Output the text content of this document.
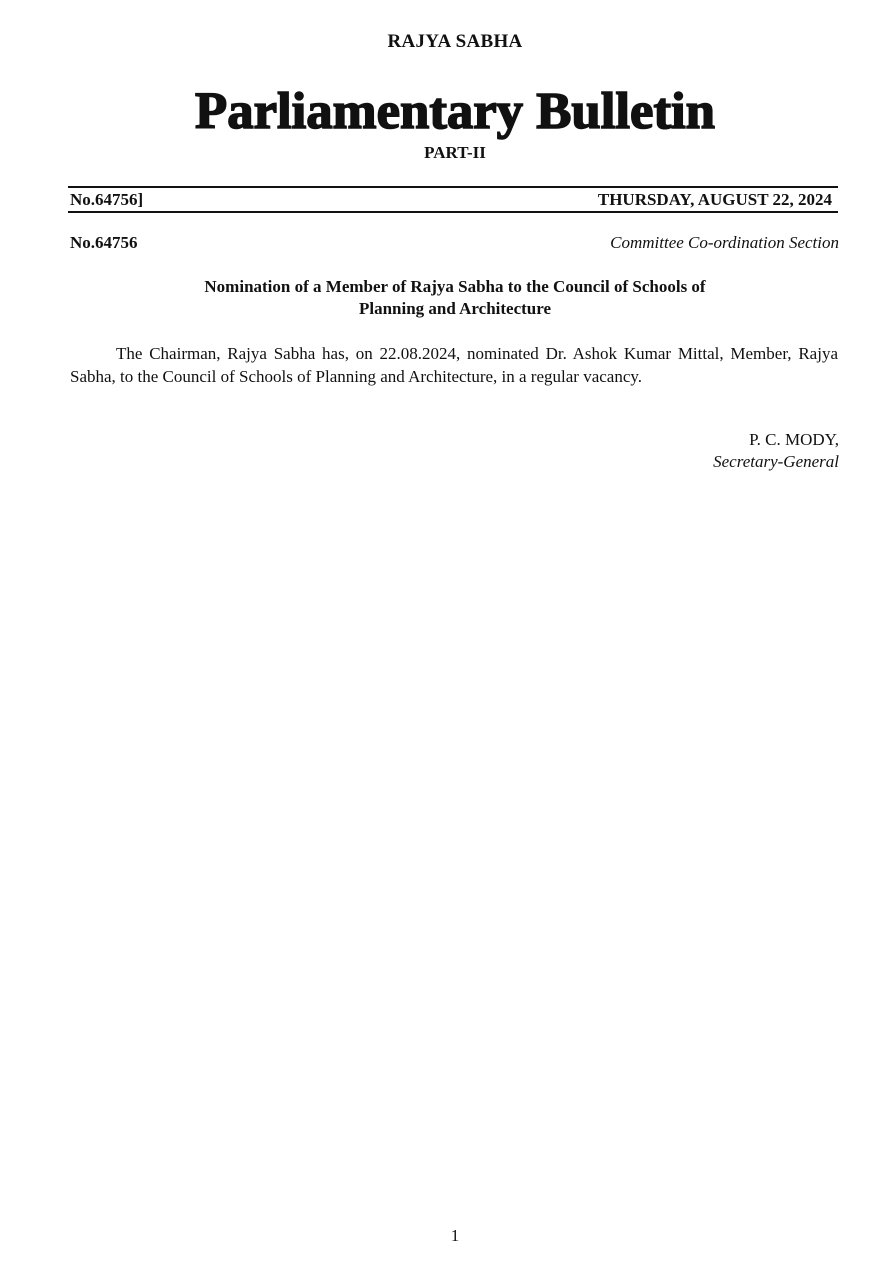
RAJYA SABHA
Parliamentary Bulletin
PART-II
No.64756]	THURSDAY, AUGUST 22, 2024
No.64756	Committee Co-ordination Section
Nomination of a Member of Rajya Sabha to the Council of Schools of
Planning and Architecture
The Chairman, Rajya Sabha has, on 22.08.2024, nominated Dr. Ashok Kumar Mittal, Member, Rajya Sabha, to the Council of Schools of Planning and Architecture, in a regular vacancy.
P. C. MODY,
Secretary-General
1
